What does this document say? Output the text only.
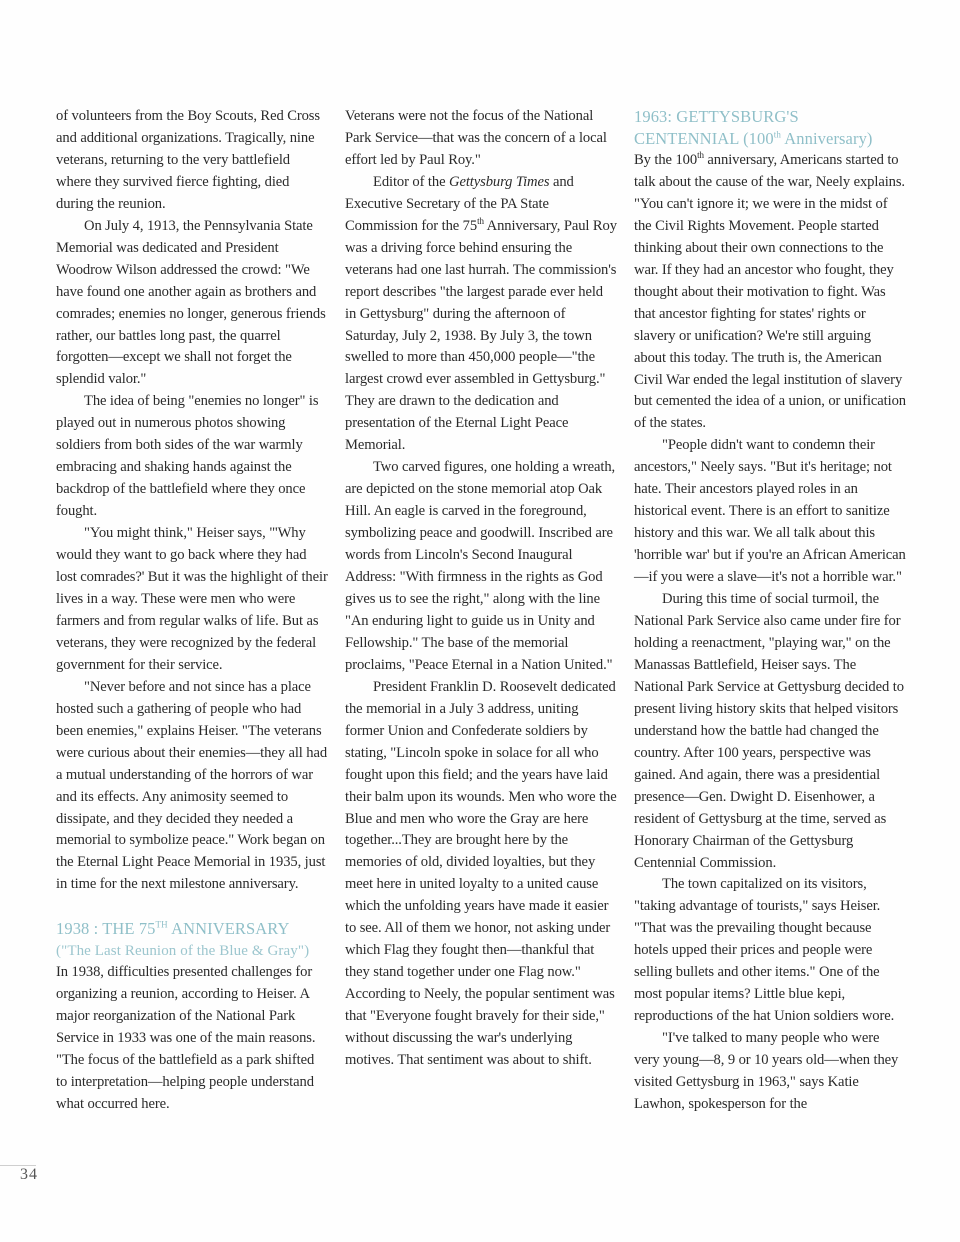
of volunteers from the Boy Scouts, Red Cross and additional organizations. Tragically, nine veterans, returning to the very battlefield where they survived fierce fighting, died during the reunion.

On July 4, 1913, the Pennsylvania State Memorial was dedicated and President Woodrow Wilson addressed the crowd: "We have found one another again as brothers and comrades; enemies no longer, generous friends rather, our battles long past, the quarrel forgotten—except we shall not forget the splendid valor."

The idea of being "enemies no longer" is played out in numerous photos showing soldiers from both sides of the war warmly embracing and shaking hands against the backdrop of the battlefield where they once fought.

"You might think," Heiser says, "'Why would they want to go back where they had lost comrades?' But it was the highlight of their lives in a way. These were men who were farmers and from regular walks of life. But as veterans, they were recognized by the federal government for their service.

"Never before and not since has a place hosted such a gathering of people who had been enemies," explains Heiser. "The veterans were curious about their enemies—they all had a mutual understanding of the horrors of war and its effects. Any animosity seemed to dissipate, and they decided they needed a memorial to symbolize peace." Work began on the Eternal Light Peace Memorial in 1935, just in time for the next milestone anniversary.

1938 : THE 75TH ANNIVERSARY
("The Last Reunion of the Blue & Gray")

In 1938, difficulties presented challenges for organizing a reunion, according to Heiser. A major reorganization of the National Park Service in 1933 was one of the main reasons. "The focus of the battlefield as a park shifted to interpretation—helping people understand what occurred here.

Veterans were not the focus of the National Park Service—that was the concern of a local effort led by Paul Roy."

Editor of the Gettysburg Times and Executive Secretary of the PA State Commission for the 75th Anniversary, Paul Roy was a driving force behind ensuring the veterans had one last hurrah. The commission's report describes "the largest parade ever held in Gettysburg" during the afternoon of Saturday, July 2, 1938. By July 3, the town swelled to more than 450,000 people—"the largest crowd ever assembled in Gettysburg." They are drawn to the dedication and presentation of the Eternal Light Peace Memorial.

Two carved figures, one holding a wreath, are depicted on the stone memorial atop Oak Hill. An eagle is carved in the foreground, symbolizing peace and goodwill. Inscribed are words from Lincoln's Second Inaugural Address: "With firmness in the rights as God gives us to see the right," along with the line "An enduring light to guide us in Unity and Fellowship." The base of the memorial proclaims, "Peace Eternal in a Nation United."

President Franklin D. Roosevelt dedicated the memorial in a July 3 address, uniting former Union and Confederate soldiers by stating, "Lincoln spoke in solace for all who fought upon this field; and the years have laid their balm upon its wounds. Men who wore the Blue and men who wore the Gray are here together...They are brought here by the memories of old, divided loyalties, but they meet here in united loyalty to a united cause which the unfolding years have made it easier to see. All of them we honor, not asking under which Flag they fought then—thankful that they stand together under one Flag now."

According to Neely, the popular sentiment was that "Everyone fought bravely for their side," without discussing the war's underlying motives. That sentiment was about to shift.

1963: GETTYSBURG'S
CENTENNIAL (100th Anniversary)

By the 100th anniversary, Americans started to talk about the cause of the war, Neely explains. "You can't ignore it; we were in the midst of the Civil Rights Movement. People started thinking about their own connections to the war. If they had an ancestor who fought, they thought about their motivation to fight. Was that ancestor fighting for states' rights or slavery or unification? We're still arguing about this today. The truth is, the American Civil War ended the legal institution of slavery but cemented the idea of a union, or unification of the states.

"People didn't want to condemn their ancestors," Neely says. "But it's heritage; not hate. Their ancestors played roles in an historical event. There is an effort to sanitize history and this war. We all talk about this 'horrible war' but if you're an African American—if you were a slave—it's not a horrible war."

During this time of social turmoil, the National Park Service also came under fire for holding a reenactment, "playing war," on the Manassas Battlefield, Heiser says. The National Park Service at Gettysburg decided to present living history skits that helped visitors understand how the battle had changed the country. After 100 years, perspective was gained. And again, there was a presidential presence—Gen. Dwight D. Eisenhower, a resident of Gettysburg at the time, served as Honorary Chairman of the Gettysburg Centennial Commission.

The town capitalized on its visitors, "taking advantage of tourists," says Heiser. "That was the prevailing thought because hotels upped their prices and people were selling bullets and other items." One of the most popular items? Little blue kepi, reproductions of the hat Union soldiers wore.

"I've talked to many people who were very young—8, 9 or 10 years old—when they visited Gettysburg in 1963," says Katie Lawhon, spokesperson for the

34
